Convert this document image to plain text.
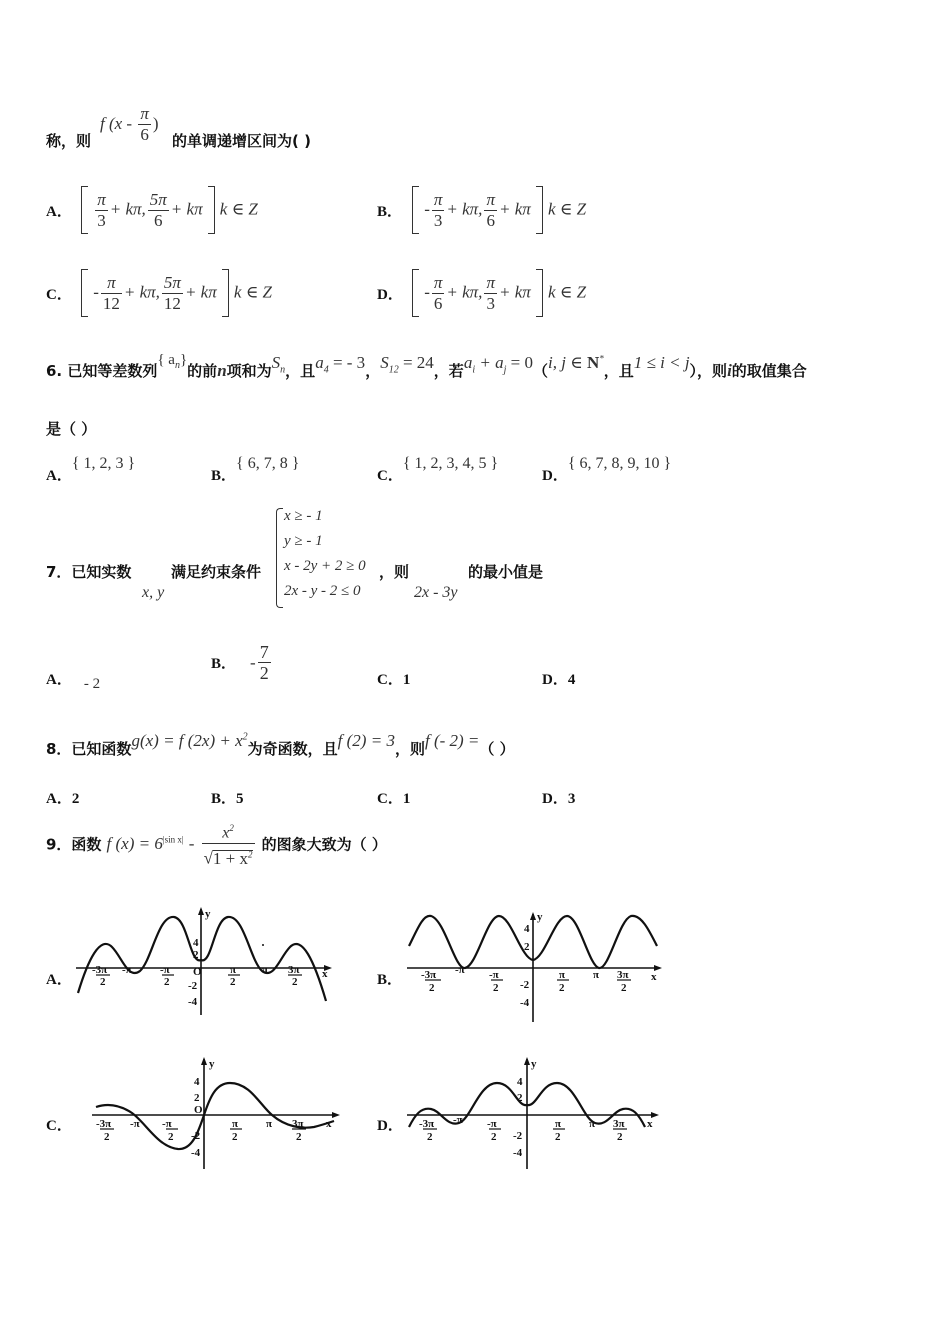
称，则
f ($x - \frac{\pi}{6}$ )
的单调递增区间为( )
A． $\frac{\pi}{3} + k\pi$, $\frac{5\pi}{6} + k\pi$ k ∈ Z	B． - $\frac{\pi}{3} + k\pi$, $\frac{\pi}{6} + k\pi$ k ∈ Z
C． - $\frac{\pi}{12} + k\pi$, $\frac{5\pi}{12} + k\pi$ k ∈ Z	D． - $\frac{\pi}{6} + k\pi$, $\frac{\pi}{3} + k\pi$ k ∈ Z
6. 已知等差数列{ $a_n$}的前n项和为$S_n$，且$a_4$ = - 3，$S_{12} = 24$，若$a_i + a_j = 0(i$, j ∈ N*，且1 ≤ i < j），则i的取值集合
是（ ）
A．{ 1, 2, 3 }
B．{ 6, 7, 8 }
C．{ 1, 2, 3, 4, 5 }
D．{ 6, 7, 8, 9, 10 }
7．已知实数	满足约束条件
x, y
x ≥ - 1
y ≥ - 1
x - 2y + 2 ≥ 0
2x - y - 2 ≤ 0
，则
2x - 3y
的最小值是
A． - 2
B． - $\frac{7}{2}$	C．1	D．4
8．已知函数g(x) = f $(2x) + x^2$为奇函数，且f (2) = 3，则f (- 2) =（ ）
A．2	B．5	C．1	D．3
9．函数 f $(x) = 6^{|sin x|} - \frac{x^2}{√1 + x^2}$ 的图象大致为（ ）
A．	B．
C．	D．
y
x
4
2
O
-2
-4
-3π
2
-π	-π
2
π
2
π 3π
2
y
x
4
2
-2
-4
-3π
2
-π -π
2
π
2
π 3π
2
y
x
4
2
O
-2
-4
-3π
2
-π -π
2
π
2
π 3π
2
y
x
4
2
-2
-4
-3π
2
-π -π
2
π
2
π 3π
2
